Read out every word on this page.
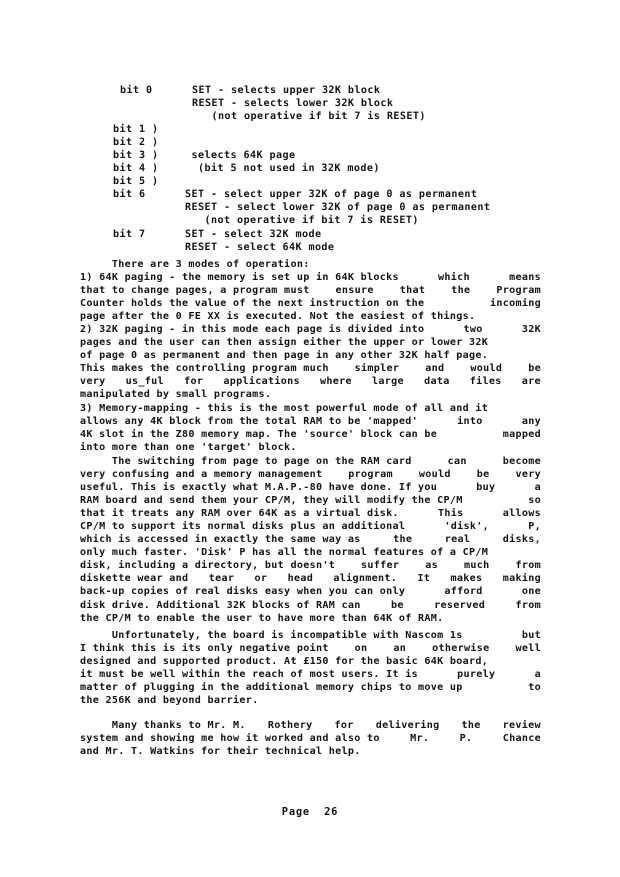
bit 0	SET - selects upper 32K block
RESET - selects lower 32K block
(not operative if bit 7 is RESET)
bit 1 )
bit 2 )
bit 3 )	selects 64K page
bit 4 )	(bit 5 not used in 32K mode)
bit 5 )
bit 6	SET - select upper 32K of page 0 as permanent
RESET - select lower 32K of page 0 as permanent
(not operative if bit 7 is RESET)
bit 7	SET - select 32K mode
RESET - select 64K mode
There are 3 modes of operation:
1) 64K paging - the memory is set up in 64K blocks	which	means
that to change pages, a program must	ensure	that	the	Program
Counter holds the value of the next instruction on the	incoming
page after the 0 FE XX is executed. Not the easiest of things.
2) 32K paging - in this mode each page is divided into	two	32K
pages and the user can then assign either the upper or lower 32K
of page 0 as permanent and then page in any other 32K half page.
This makes the controlling program much	simpler	and	would	be
very us_ful for applications where large data files are
manipulated by small programs.
3) Memory-mapping - this is the most powerful mode of all and it
allows any 4K block from the total RAM to be 'mapped'	into	any
4K slot in the Z80 memory map. The 'source' block can be	mapped
into more than one 'target' block.
The switching from page to page on the RAM card	can	become
very confusing and a memory management	program	would	be	very
useful. This is exactly what M.A.P.-80 have done. If you	buy	a
RAM board and send them your CP/M, they will modify the CP/M	so
that it treats any RAM over 64K as a virtual disk.	This	allows
CP/M to support its normal disks plus an additional	'disk',	P,
which is accessed in exactly the same way as	the	real	disks,
only much faster. 'Disk' P has all the normal features of a CP/M
disk, including a directory, but doesn't	suffer	as	much	from
diskette wear and tear or head alignment. It makes making
back-up copies of real disks easy when you can only	afford	one
disk drive. Additional 32K blocks of RAM can	be	reserved	from
the CP/M to enable the user to have more than 64K of RAM.
Unfortunately, the board is incompatible with Nascom 1s	but
I think this is its only negative point	on	an	otherwise	well
designed and supported product. At £150 for the basic 64K board,
it must be well within the reach of most users. It is	purely	a
matter of plugging in the additional memory chips to move up	to
the 256K and beyond barrier.
Many thanks to Mr. M. Rothery for delivering the review
system and showing me how it worked and also to	Mr.	P.	Chance
and Mr. T. Watkins for their technical help.
Page  26
